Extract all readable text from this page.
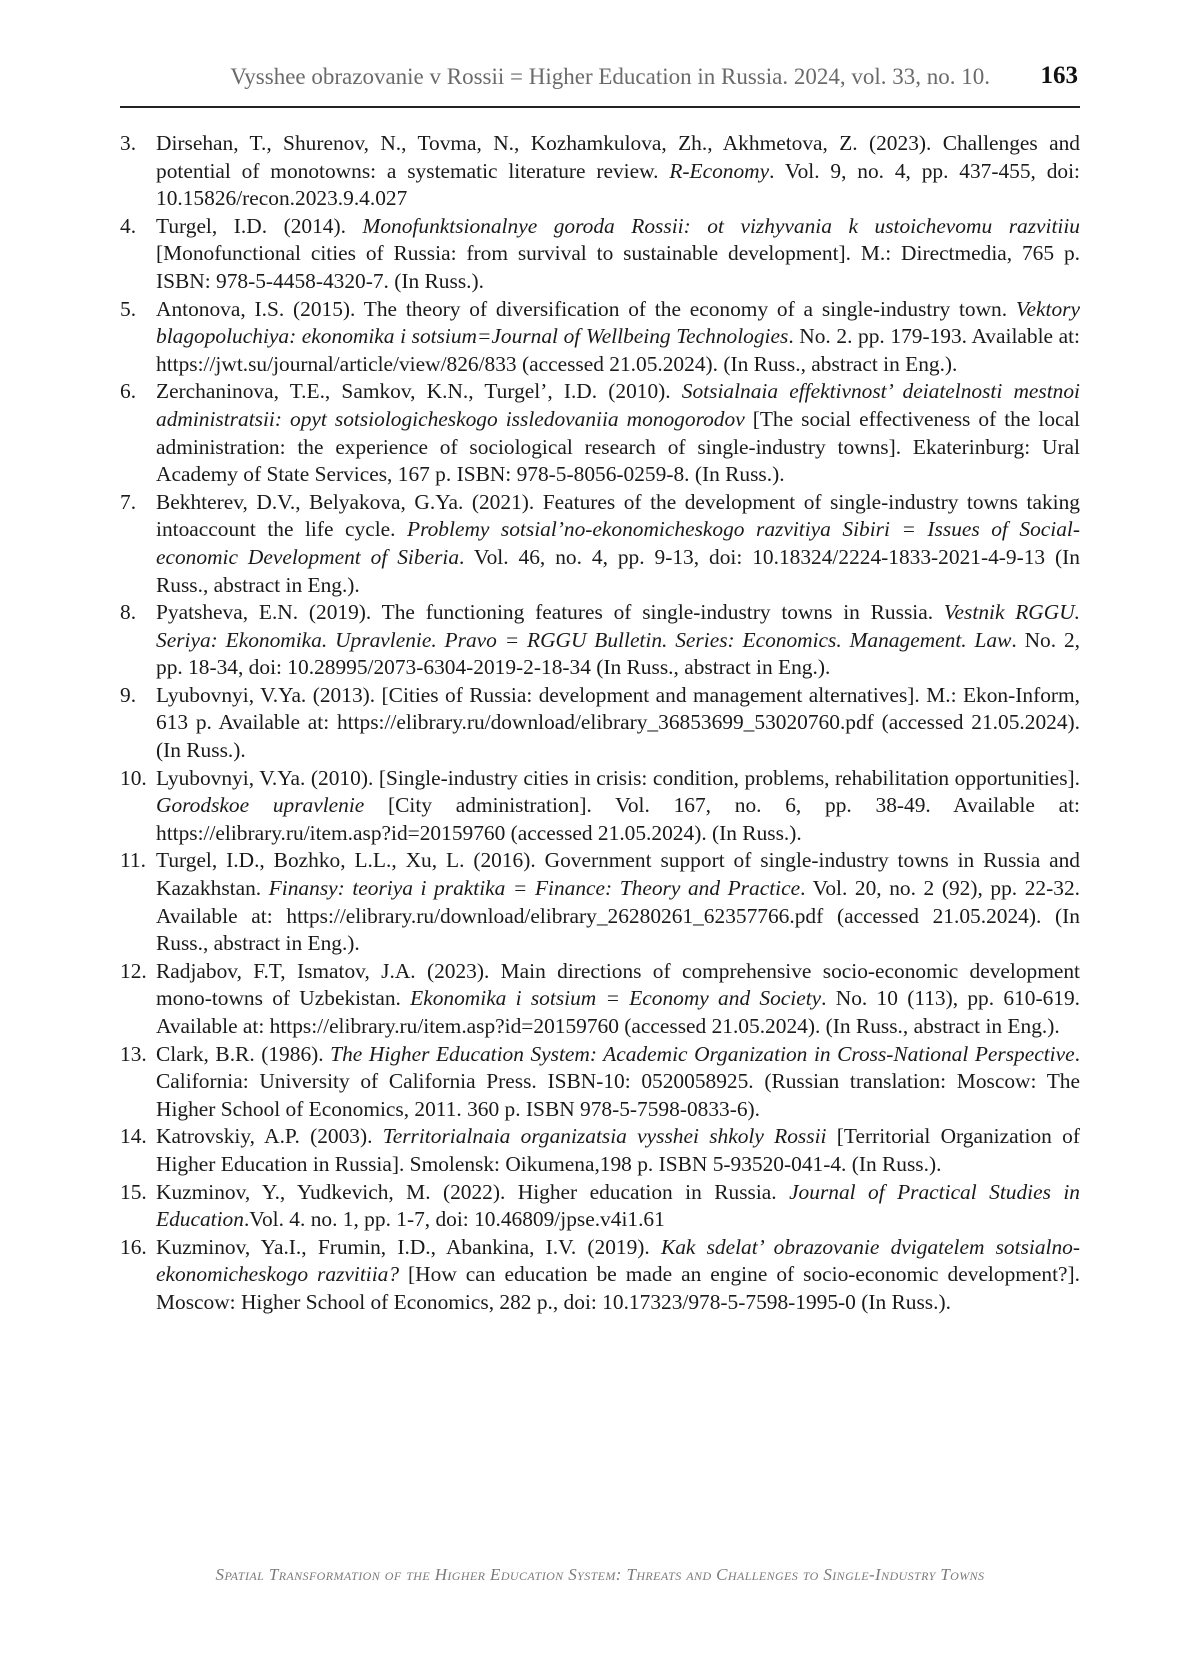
Vysshee obrazovanie v Rossii = Higher Education in Russia. 2024, vol. 33, no. 10. 163
3. Dirsehan, T., Shurenov, N., Tovma, N., Kozhamkulova, Zh., Akhmetova, Z. (2023). Challenges and potential of monotowns: a systematic literature review. R-Economy. Vol. 9, no. 4, pp. 437-455, doi: 10.15826/recon.2023.9.4.027
4. Turgel, I.D. (2014). Monofunktsionalnye goroda Rossii: ot vizhyvania k ustoichevomu razvitiiu [Monofunctional cities of Russia: from survival to sustainable development]. M.: Directmedia, 765 p. ISBN: 978-5-4458-4320-7. (In Russ.).
5. Antonova, I.S. (2015). The theory of diversification of the economy of a single-industry town. Vektory blagopoluchiya: ekonomika i sotsium=Journal of Wellbeing Technologies. No. 2. pp. 179-193. Available at: https://jwt.su/journal/article/view/826/833 (accessed 21.05.2024). (In Russ., abstract in Eng.).
6. Zerchaninova, T.E., Samkov, K.N., Turgel’, I.D. (2010). Sotsialnaia effektivnost’ deiatelnosti mestnoi administratsii: opyt sotsiologicheskogo issledovaniia monogorodov [The social effectiveness of the local administration: the experience of sociological research of single-industry towns]. Ekaterinburg: Ural Academy of State Services, 167 p. ISBN: 978-5-8056-0259-8. (In Russ.).
7. Bekhterev, D.V., Belyakova, G.Ya. (2021). Features of the development of single-industry towns taking intoaccount the life cycle. Problemy sotsial’no-ekonomicheskogo razvitiya Sibiri = Issues of Social-economic Development of Siberia. Vol. 46, no. 4, pp. 9-13, doi: 10.18324/2224-1833-2021-4-9-13 (In Russ., abstract in Eng.).
8. Pyatsheva, E.N. (2019). The functioning features of single-industry towns in Russia. Vestnik RGGU. Seriya: Ekonomika. Upravlenie. Pravo = RGGU Bulletin. Series: Economics. Management. Law. No. 2, pp. 18-34, doi: 10.28995/2073-6304-2019-2-18-34 (In Russ., abstract in Eng.).
9. Lyubovnyi, V.Ya. (2013). [Cities of Russia: development and management alternatives]. M.: Ekon-Inform, 613 p. Available at: https://elibrary.ru/download/elibrary_36853699_53020760.pdf (accessed 21.05.2024). (In Russ.).
10. Lyubovnyi, V.Ya. (2010). [Single-industry cities in crisis: condition, problems, rehabilitation opportunities]. Gorodskoe upravlenie [City administration]. Vol. 167, no. 6, pp. 38-49. Available at: https://elibrary.ru/item.asp?id=20159760 (accessed 21.05.2024). (In Russ.).
11. Turgel, I.D., Bozhko, L.L., Xu, L. (2016). Government support of single-industry towns in Russia and Kazakhstan. Finansy: teoriya i praktika = Finance: Theory and Practice. Vol. 20, no. 2 (92), pp. 22-32. Available at: https://elibrary.ru/download/elibrary_26280261_62357766.pdf (accessed 21.05.2024). (In Russ., abstract in Eng.).
12. Radjabov, F.T, Ismatov, J.A. (2023). Main directions of comprehensive socio-economic development mono-towns of Uzbekistan. Ekonomika i sotsium = Economy and Society. No. 10 (113), pp. 610-619. Available at: https://elibrary.ru/item.asp?id=20159760 (accessed 21.05.2024). (In Russ., abstract in Eng.).
13. Clark, B.R. (1986). The Higher Education System: Academic Organization in Cross-National Perspective. California: University of California Press. ISBN-10: 0520058925. (Russian translation: Moscow: The Higher School of Economics, 2011. 360 p. ISBN 978-5-7598-0833-6).
14. Katrovskiy, A.P. (2003). Territorialnaia organizatsia vysshei shkoly Rossii [Territorial Organization of Higher Education in Russia]. Smolensk: Oikumena,198 p. ISBN 5-93520-041-4. (In Russ.).
15. Kuzminov, Y., Yudkevich, M. (2022). Higher education in Russia. Journal of Practical Studies in Education.Vol. 4. no. 1, pp. 1-7, doi: 10.46809/jpse.v4i1.61
16. Kuzminov, Ya.I., Frumin, I.D., Abankina, I.V. (2019). Kak sdelat’ obrazovanie dvigatelem sotsialno-ekonomicheskogo razvitiia? [How can education be made an engine of socio-economic development?]. Moscow: Higher School of Economics, 282 p., doi: 10.17323/978-5-7598-1995-0 (In Russ.).
Spatial Transformation of the Higher Education System: Threats and Challenges to Single-Industry Towns
